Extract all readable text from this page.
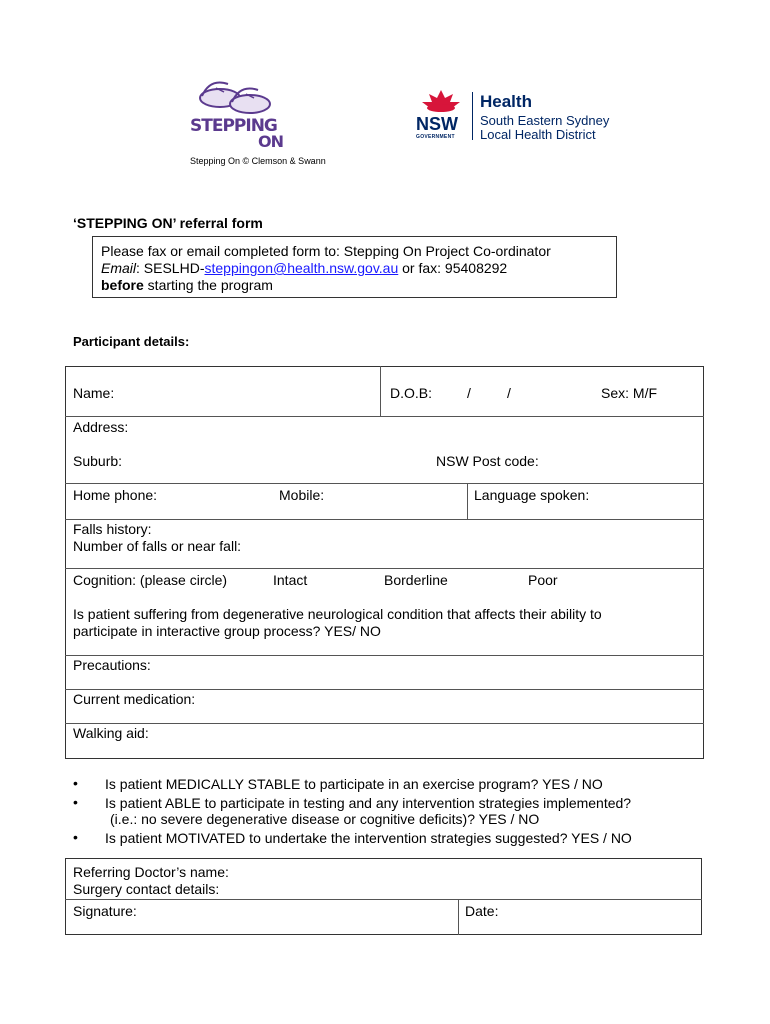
STEPPING
ON
Stepping On © Clemson & Swann
NSW
GOVERNMENT
Health
South Eastern Sydney
Local Health District
‘STEPPING ON’ referral form
Please fax or email completed form to: Stepping On Project Co-ordinator
Email: SESLHD-steppingon@health.nsw.gov.au or fax: 95408292
before starting the program
Participant details:
Name:	D.O.B: /	/	Sex: M/F
Address:
Suburb:	NSW Post code:
Home phone:	Mobile:	Language spoken:
Falls history:
Number of falls or near fall:
Cognition: (please circle)	Intact	Borderline	Poor
Is patient suffering from degenerative neurological condition that affects their ability to
participate in interactive group process? YES/ NO
Precautions:
Current medication:
Walking aid:
• Is patient MEDICALLY STABLE to participate in an exercise program? YES / NO
• Is patient ABLE to participate in testing and any intervention strategies implemented?
(i.e.: no severe degenerative disease or cognitive deficits)? YES / NO
• Is patient MOTIVATED to undertake the intervention strategies suggested? YES / NO
Referring Doctor’s name:
Surgery contact details:
Signature:	Date:
